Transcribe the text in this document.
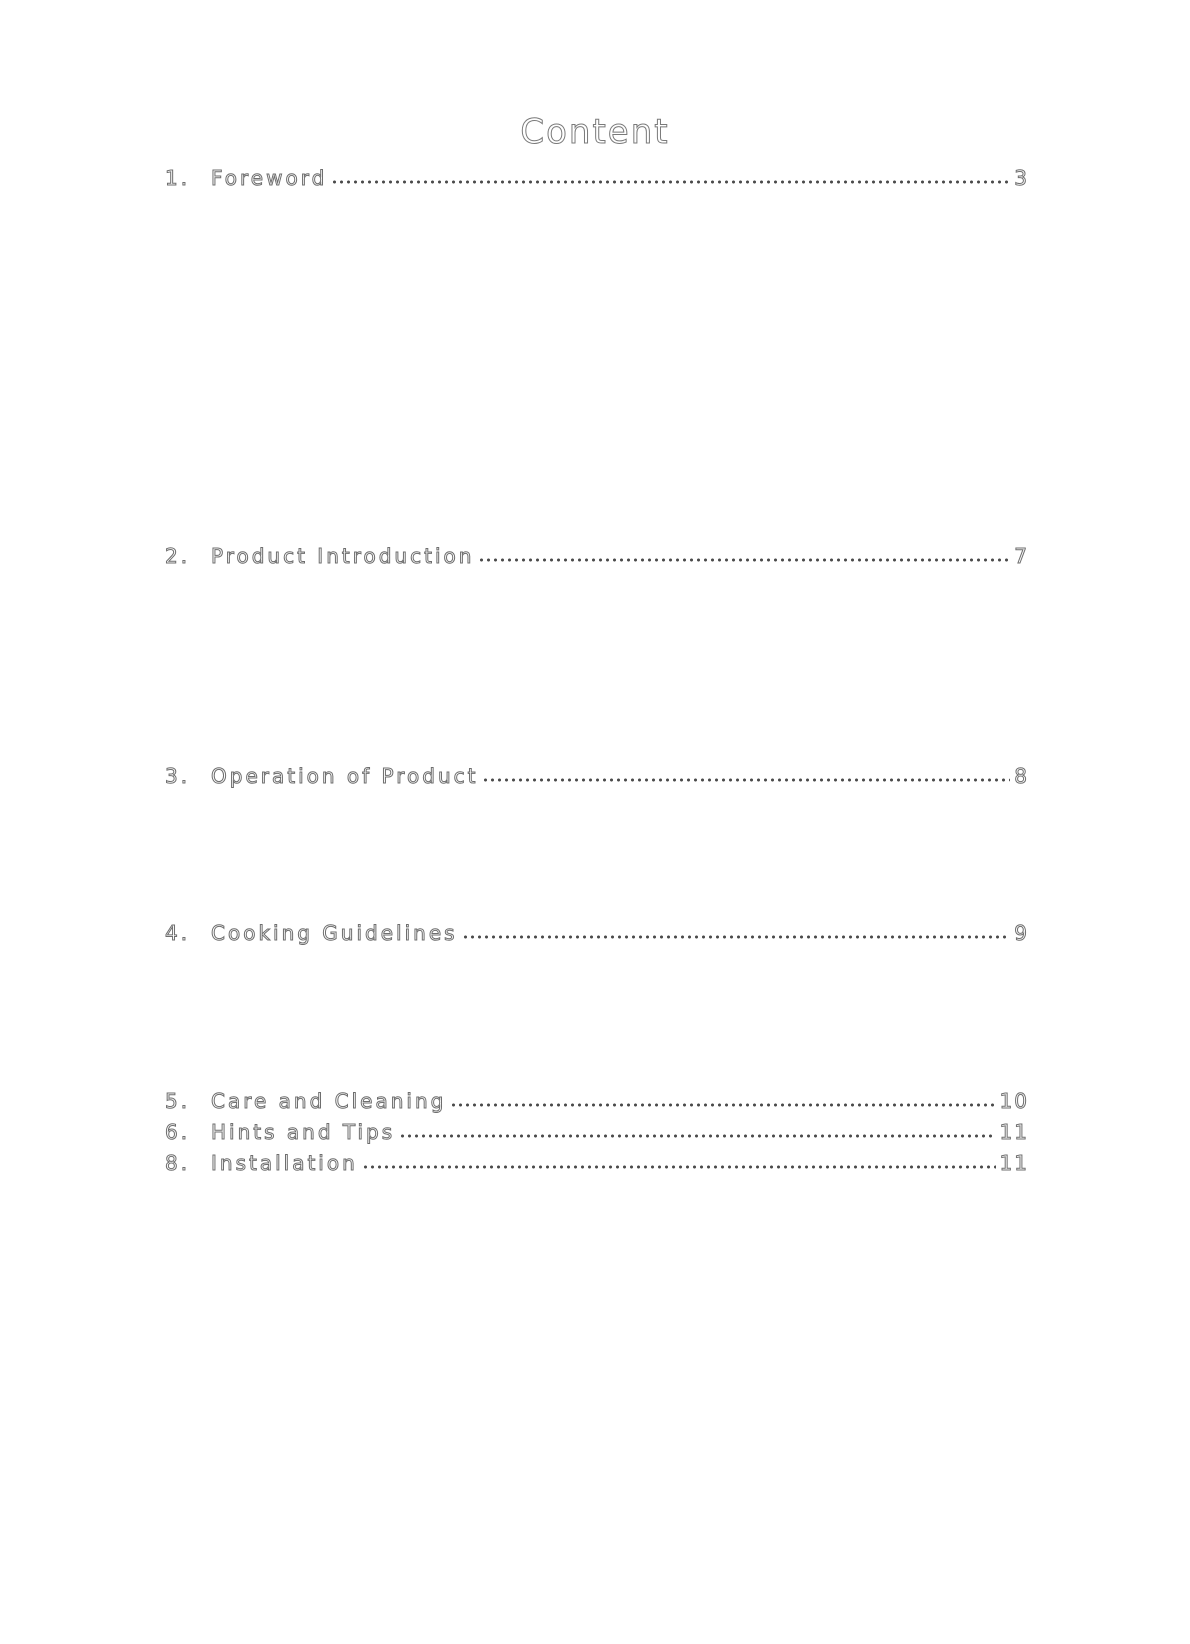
Content
1.	Foreword	3
2.	Product Introduction	7
3.	Operation of Product	8
4.	Cooking Guidelines	9
5.	Care and Cleaning	10
6.	Hints and Tips	11
8.	Installation	11
